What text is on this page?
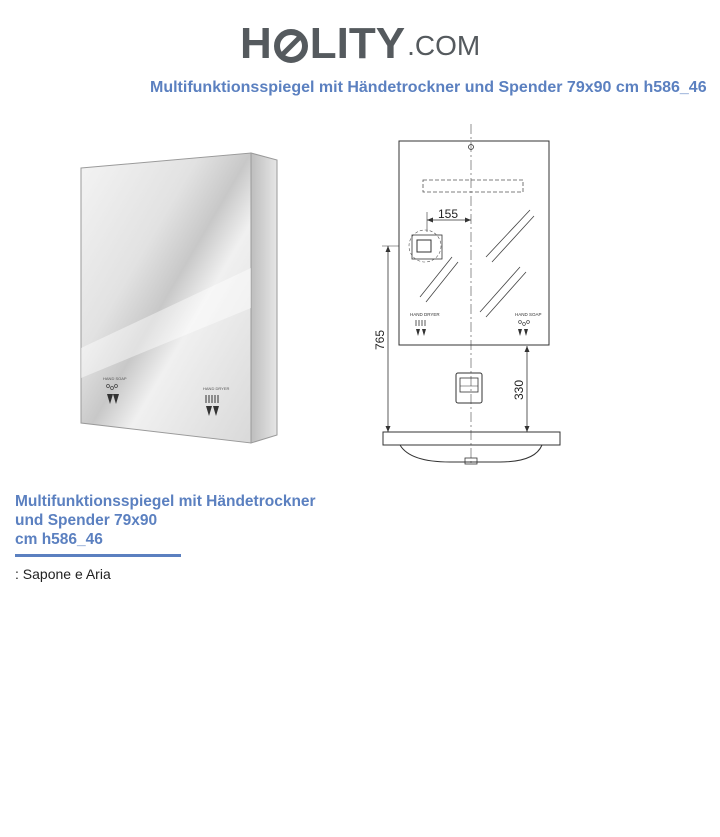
H LITY .COM
Multifunktionsspiegel mit Händetrockner und Spender 79x90 cm h586_46
HAND SOAP
HAND DRYER
155
HAND DRYER	HAND SOAP
765
330
Multifunktionsspiegel mit Händetrockner
und Spender 79x90
cm h586_46
: Sapone e Aria
